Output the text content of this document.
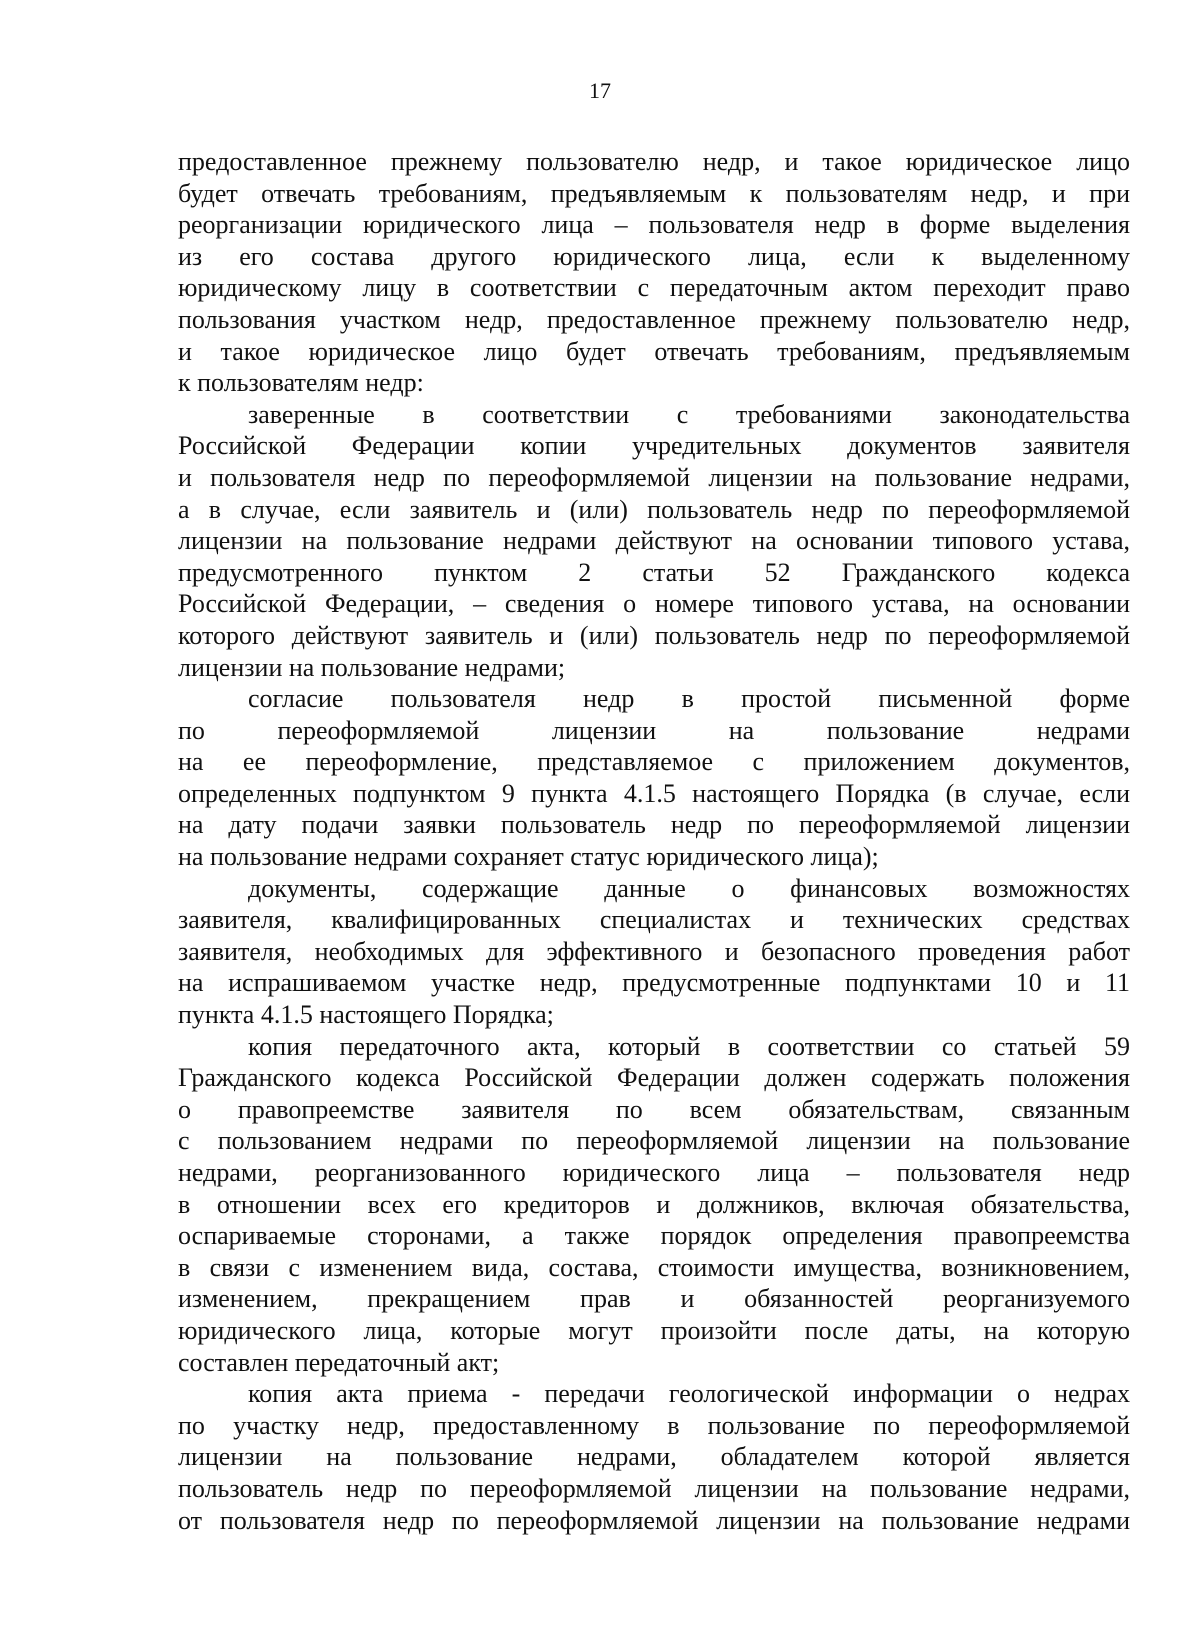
17
предоставленное прежнему пользователю недр, и такое юридическое лицо
будет отвечать требованиям, предъявляемым к пользователям недр, и при
реорганизации юридического лица – пользователя недр в форме выделения
из его состава другого юридического лица, если к выделенному
юридическому лицу в соответствии с передаточным актом переходит право
пользования участком недр, предоставленное прежнему пользователю недр,
и такое юридическое лицо будет отвечать требованиям, предъявляемым
к пользователям недр:
заверенные в соответствии с требованиями законодательства
Российской Федерации копии учредительных документов заявителя
и пользователя недр по переоформляемой лицензии на пользование недрами,
а в случае, если заявитель и (или) пользователь недр по переоформляемой
лицензии на пользование недрами действуют на основании типового устава,
предусмотренного пунктом 2 статьи 52 Гражданского кодекса
Российской Федерации, – сведения о номере типового устава, на основании
которого действуют заявитель и (или) пользователь недр по переоформляемой
лицензии на пользование недрами;
согласие пользователя недр в простой письменной форме
по переоформляемой лицензии на пользование недрами
на ее переоформление, представляемое с приложением документов,
определенных подпунктом 9 пункта 4.1.5 настоящего Порядка (в случае, если
на дату подачи заявки пользователь недр по переоформляемой лицензии
на пользование недрами сохраняет статус юридического лица);
документы, содержащие данные о финансовых возможностях
заявителя, квалифицированных специалистах и технических средствах
заявителя, необходимых для эффективного и безопасного проведения работ
на испрашиваемом участке недр, предусмотренные подпунктами 10 и 11
пункта 4.1.5 настоящего Порядка;
копия передаточного акта, который в соответствии со статьей 59
Гражданского кодекса Российской Федерации должен содержать положения
о правопреемстве заявителя по всем обязательствам, связанным
с пользованием недрами по переоформляемой лицензии на пользование
недрами, реорганизованного юридического лица – пользователя недр
в отношении всех его кредиторов и должников, включая обязательства,
оспариваемые сторонами, а также порядок определения правопреемства
в связи с изменением вида, состава, стоимости имущества, возникновением,
изменением, прекращением прав и обязанностей реорганизуемого
юридического лица, которые могут произойти после даты, на которую
составлен передаточный акт;
копия акта приема - передачи геологической информации о недрах
по участку недр, предоставленному в пользование по переоформляемой
лицензии на пользование недрами, обладателем которой является
пользователь недр по переоформляемой лицензии на пользование недрами,
от пользователя недр по переоформляемой лицензии на пользование недрами
